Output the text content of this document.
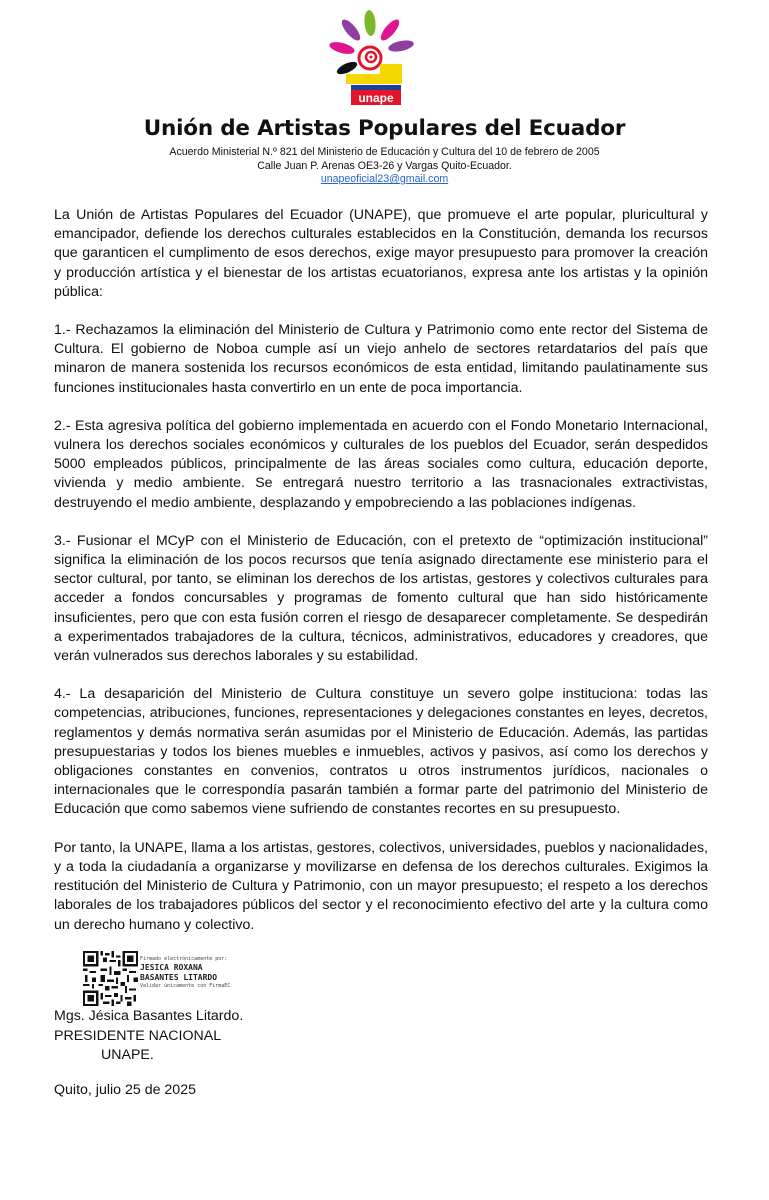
unape
Unión de Artistas Populares del Ecuador
Acuerdo Ministerial N.º 821 del Ministerio de Educación y Cultura del 10 de febrero de 2005
Calle Juan P. Arenas OE3-26 y Vargas Quito-Ecuador.
unapeoficial23@gmail.com

La Unión de Artistas Populares del Ecuador (UNAPE), que promueve el arte popular, pluricultural y emancipador, defiende los derechos culturales establecidos en la Constitución, demanda los recursos que garanticen el cumplimento de esos derechos, exige mayor presupuesto para promover la creación y producción artística y el bienestar de los artistas ecuatorianos, expresa ante los artistas y la opinión pública:

1.- Rechazamos la eliminación del Ministerio de Cultura y Patrimonio como ente rector del Sistema de Cultura. El gobierno de Noboa cumple así un viejo anhelo de sectores retardatarios del país que minaron de manera sostenida los recursos económicos de esta entidad, limitando paulatinamente sus funciones institucionales hasta convertirlo en un ente de poca importancia.

2.- Esta agresiva política del gobierno implementada en acuerdo con el Fondo Monetario Internacional, vulnera los derechos sociales económicos y culturales de los pueblos del Ecuador, serán despedidos 5000 empleados públicos, principalmente de las áreas sociales como cultura, educación deporte, vivienda y medio ambiente. Se entregará nuestro territorio a las trasnacionales extractivistas, destruyendo el medio ambiente, desplazando y empobreciendo a las poblaciones indígenas.

3.- Fusionar el MCyP con el Ministerio de Educación, con el pretexto de “optimización institucional” significa la eliminación de los pocos recursos que tenía asignado directamente ese ministerio para el sector cultural, por tanto, se eliminan los derechos de los artistas, gestores y colectivos culturales para acceder a fondos concursables y programas de fomento cultural que han sido históricamente insuficientes, pero que con esta fusión corren el riesgo de desaparecer completamente. Se despedirán a experimentados trabajadores de la cultura, técnicos, administrativos, educadores y creadores, que verán vulnerados sus derechos laborales y su estabilidad.

4.- La desaparición del Ministerio de Cultura constituye un severo golpe instituciona: todas las competencias, atribuciones, funciones, representaciones y delegaciones constantes en leyes, decretos, reglamentos y demás normativa serán asumidas por el Ministerio de Educación. Además, las partidas presupuestarias y todos los bienes muebles e inmuebles, activos y pasivos, así como los derechos y obligaciones constantes en convenios, contratos u otros instrumentos jurídicos, nacionales o internacionales que le correspondía pasarán también a formar parte del patrimonio del Ministerio de Educación que como sabemos viene sufriendo de constantes recortes en su presupuesto.

Por tanto, la UNAPE, llama a los artistas, gestores, colectivos, universidades, pueblos y nacionalidades, y a toda la ciudadanía a organizarse y movilizarse en defensa de los derechos culturales. Exigimos la restitución del Ministerio de Cultura y Patrimonio, con un mayor presupuesto; el respeto a los derechos laborales de los trabajadores públicos del sector y el reconocimiento efectivo del arte y la cultura como un derecho humano y colectivo.

Firmado electrónicamente por:
JESICA ROXANA
BASANTES LITARDO
Validar únicamente con FirmaEC
Mgs. Jésica Basantes Litardo.
PRESIDENTE NACIONAL
UNAPE.
Quito, julio 25 de 2025
